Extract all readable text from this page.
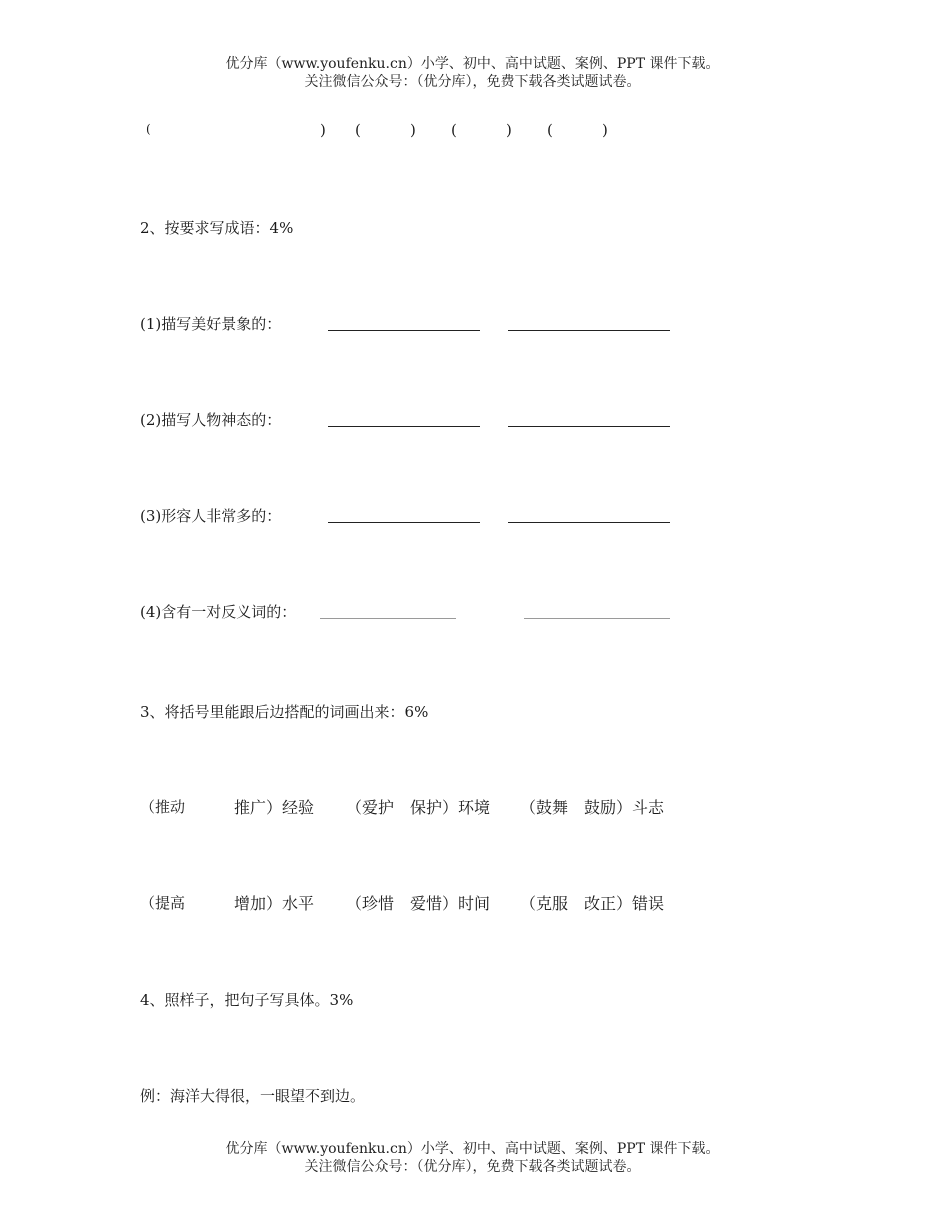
优分库（www.youfenku.cn）小学、初中、高中试题、案例、PPT 课件下载。
关注微信公众号：（优分库），免费下载各类试题试卷。
(	) (	) (	) (	)
2、按要求写成语：4%
(1)描写美好景象的：
(2)描写人物神态的：
(3)形容人非常多的：
(4)含有一对反义词的：
3、将括号里能跟后边搭配的词画出来：6%
（推动	推广）经验 （爱护　保护）环境 （鼓舞　鼓励）斗志
（提高	增加）水平 （珍惜　爱惜）时间 （克服　改正）错误
4、照样子，把句子写具体。3%
例：海洋大得很，一眼望不到边。
优分库（www.youfenku.cn）小学、初中、高中试题、案例、PPT 课件下载。
关注微信公众号：（优分库），免费下载各类试题试卷。
